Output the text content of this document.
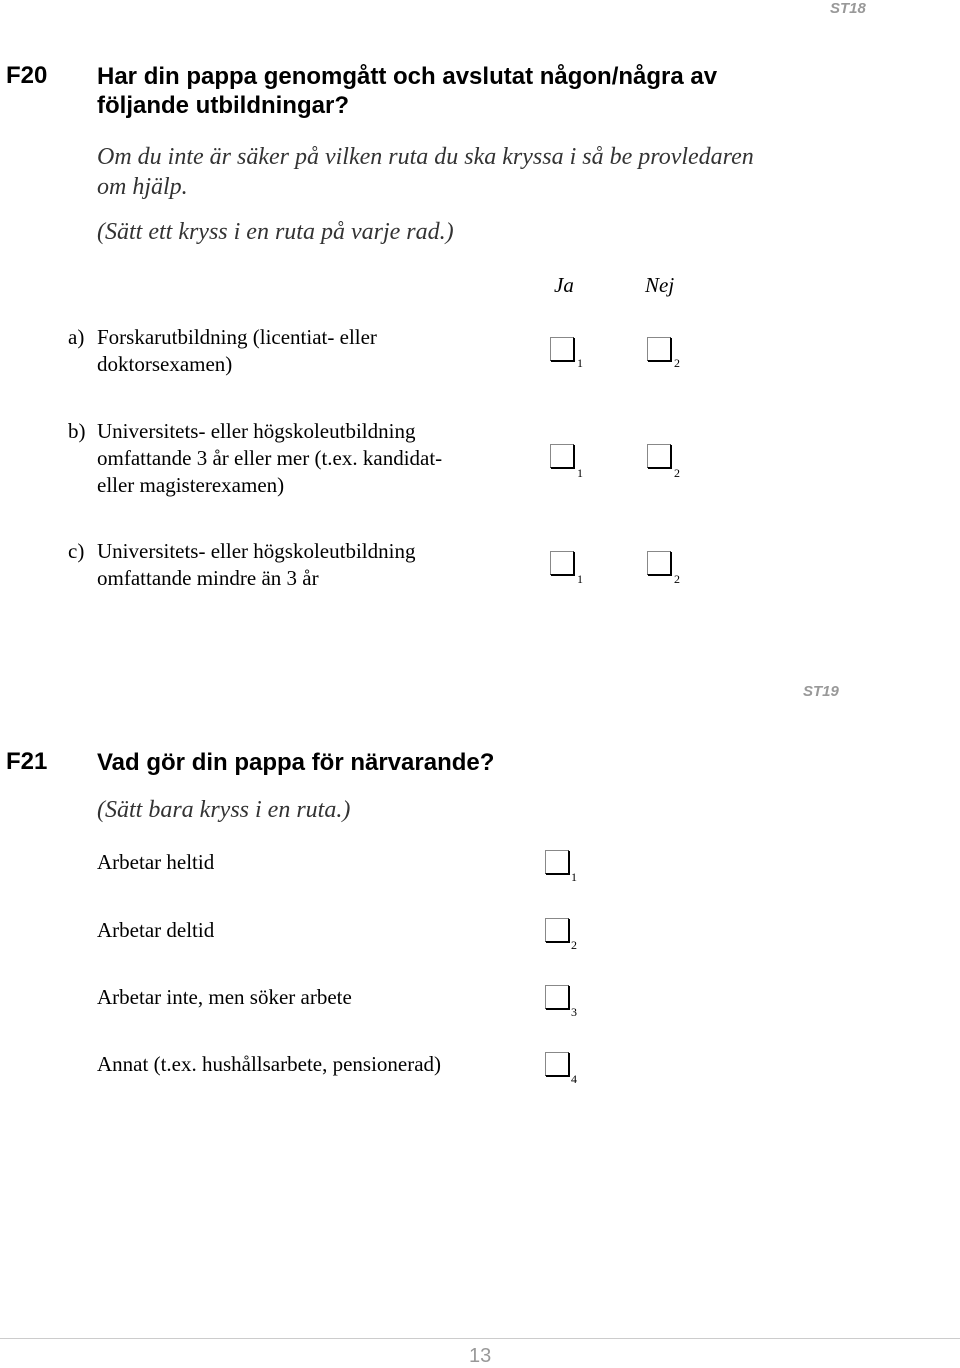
ST18
F20 Har din pappa genomgått och avslutat någon/några av
följande utbildningar?
Om du inte är säker på vilken ruta du ska kryssa i så be provledaren
om hjälp.
(Sätt ett kryss i en ruta på varje rad.)
Ja	Nej
a) Forskarutbildning (licentiat- eller
doktorsexamen)	1	2
b) Universitets- eller högskoleutbildning
omfattande 3 år eller mer (t.ex. kandidat-
eller magisterexamen)	1	2
c) Universitets- eller högskoleutbildning
omfattande mindre än 3 år	1	2
ST19
F21 Vad gör din pappa för närvarande?
(Sätt bara kryss i en ruta.)
Arbetar heltid
1
Arbetar deltid
2
Arbetar inte, men söker arbete
3
Annat (t.ex. hushållsarbete, pensionerad)
4
13
